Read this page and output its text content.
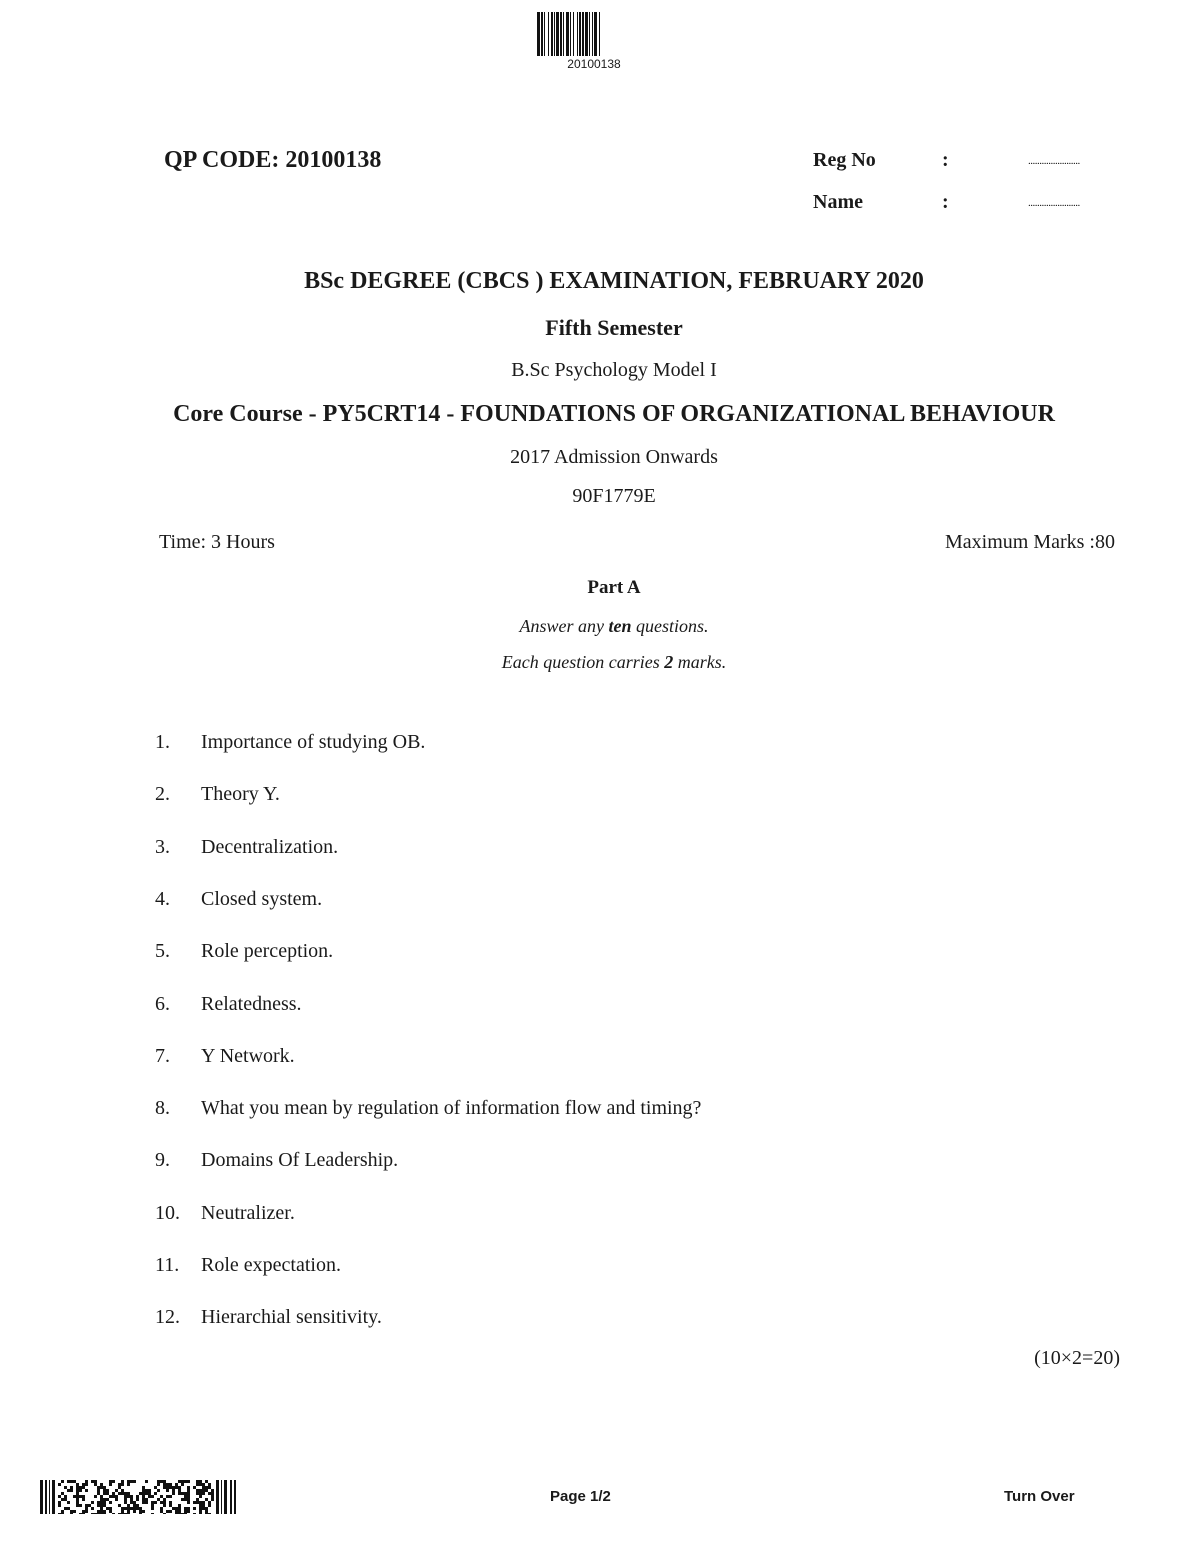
20100138
QP CODE: 20100138	Reg No	:	.......................
Name	:	.......................
BSc DEGREE (CBCS ) EXAMINATION, FEBRUARY 2020
Fifth Semester
B.Sc Psychology Model I
Core Course - PY5CRT14 - FOUNDATIONS OF ORGANIZATIONAL BEHAVIOUR
2017 Admission Onwards
90F1779E
Time: 3 Hours	Maximum Marks :80
Part A
Answer any ten questions.
Each question carries 2 marks.
1. Importance of studying OB.
2. Theory Y.
3. Decentralization.
4. Closed system.
5. Role perception.
6. Relatedness.
7. Y Network.
8. What you mean by regulation of information flow and timing?
9. Domains Of Leadership.
10. Neutralizer.
11. Role expectation.
12. Hierarchial sensitivity.
(10×2=20)
Page 1/2	Turn Over
